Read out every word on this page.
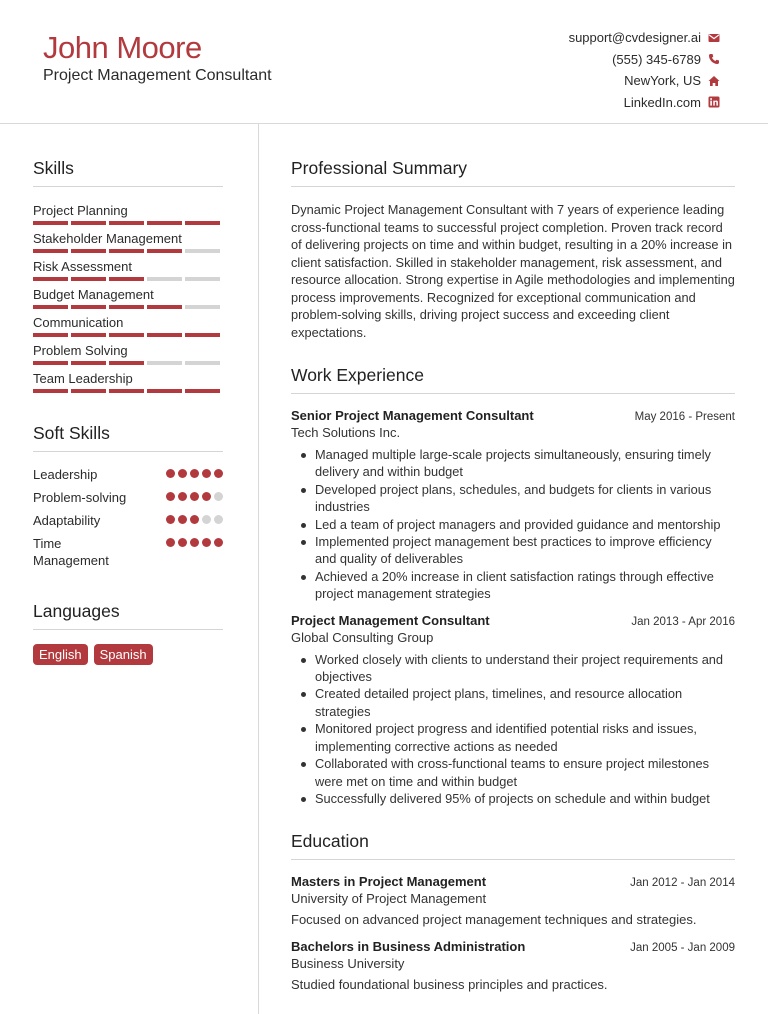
John Moore
Project Management Consultant
support@cvdesigner.ai
(555) 345-6789
NewYork, US
LinkedIn.com
Skills
Project Planning
Stakeholder Management
Risk Assessment
Budget Management
Communication
Problem Solving
Team Leadership
Soft Skills
Leadership
Problem-solving
Adaptability
Time Management
Languages
English	Spanish
Professional Summary
Dynamic Project Management Consultant with 7 years of experience leading cross-functional teams to successful project completion. Proven track record of delivering projects on time and within budget, resulting in a 20% increase in client satisfaction. Skilled in stakeholder management, risk assessment, and resource allocation. Strong expertise in Agile methodologies and implementing process improvements. Recognized for exceptional communication and problem-solving skills, driving project success and exceeding client expectations.
Work Experience
Senior Project Management Consultant	May 2016 - Present
Tech Solutions Inc.
Managed multiple large-scale projects simultaneously, ensuring timely delivery and within budget
Developed project plans, schedules, and budgets for clients in various industries
Led a team of project managers and provided guidance and mentorship
Implemented project management best practices to improve efficiency and quality of deliverables
Achieved a 20% increase in client satisfaction ratings through effective project management strategies
Project Management Consultant	Jan 2013 - Apr 2016
Global Consulting Group
Worked closely with clients to understand their project requirements and objectives
Created detailed project plans, timelines, and resource allocation strategies
Monitored project progress and identified potential risks and issues, implementing corrective actions as needed
Collaborated with cross-functional teams to ensure project milestones were met on time and within budget
Successfully delivered 95% of projects on schedule and within budget
Education
Masters in Project Management	Jan 2012 - Jan 2014
University of Project Management
Focused on advanced project management techniques and strategies.
Bachelors in Business Administration	Jan 2005 - Jan 2009
Business University
Studied foundational business principles and practices.
